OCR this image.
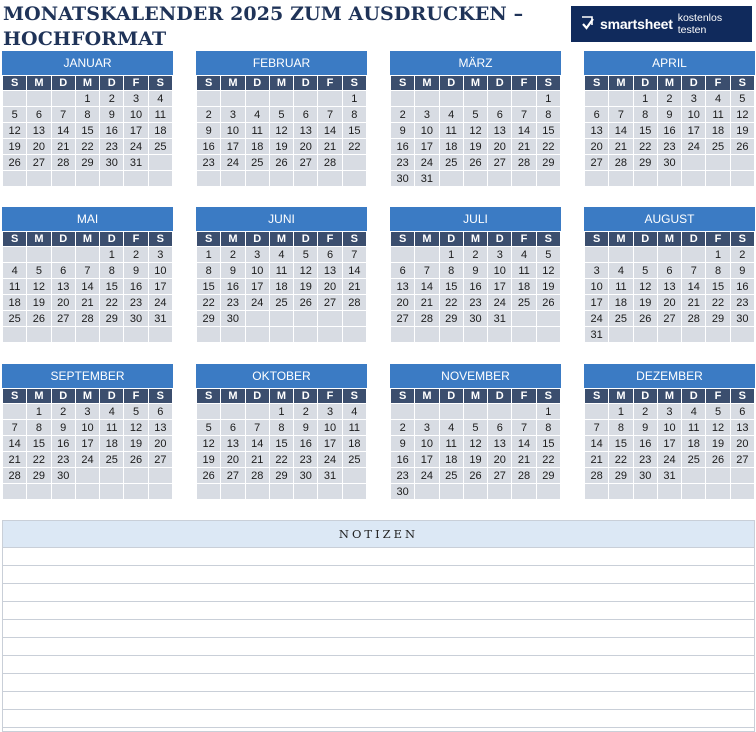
MONATSKALENDER 2025 ZUM AUSDRUCKEN –
HOCHFORMAT
smartsheet kostenlos testen
JANUAR
S	M	D	M	D	F	S
			1	2	3	4
5	6	7	8	9	10	11
12	13	14	15	16	17	18
19	20	21	22	23	24	25
26	27	28	29	30	31	

FEBRUAR
S	M	D	M	D	F	S
						1
2	3	4	5	6	7	8
9	10	11	12	13	14	15
16	17	18	19	20	21	22
23	24	25	26	27	28	

MÄRZ
S	M	D	M	D	F	S
						1
2	3	4	5	6	7	8
9	10	11	12	13	14	15
16	17	18	19	20	21	22
23	24	25	26	27	28	29
30	31					
APRIL
S	M	D	M	D	F	S
		1	2	3	4	5
6	7	8	9	10	11	12
13	14	15	16	17	18	19
20	21	22	23	24	25	26
27	28	29	30			

MAI
S	M	D	M	D	F	S
				1	2	3
4	5	6	7	8	9	10
11	12	13	14	15	16	17
18	19	20	21	22	23	24
25	26	27	28	29	30	31

JUNI
S	M	D	M	D	F	S
1	2	3	4	5	6	7
8	9	10	11	12	13	14
15	16	17	18	19	20	21
22	23	24	25	26	27	28
29	30					

JULI
S	M	D	M	D	F	S
		1	2	3	4	5
6	7	8	9	10	11	12
13	14	15	16	17	18	19
20	21	22	23	24	25	26
27	28	29	30	31		

AUGUST
S	M	D	M	D	F	S
					1	2
3	4	5	6	7	8	9
10	11	12	13	14	15	16
17	18	19	20	21	22	23
24	25	26	27	28	29	30
31						
SEPTEMBER
S	M	D	M	D	F	S
	1	2	3	4	5	6
7	8	9	10	11	12	13
14	15	16	17	18	19	20
21	22	23	24	25	26	27
28	29	30				

OKTOBER
S	M	D	M	D	F	S
			1	2	3	4
5	6	7	8	9	10	11
12	13	14	15	16	17	18
19	20	21	22	23	24	25
26	27	28	29	30	31	

NOVEMBER
S	M	D	M	D	F	S
						1
2	3	4	5	6	7	8
9	10	11	12	13	14	15
16	17	18	19	20	21	22
23	24	25	26	27	28	29
30						
DEZEMBER
S	M	D	M	D	F	S
	1	2	3	4	5	6
7	8	9	10	11	12	13
14	15	16	17	18	19	20
21	22	23	24	25	26	27
28	29	30	31			

NOTIZEN
